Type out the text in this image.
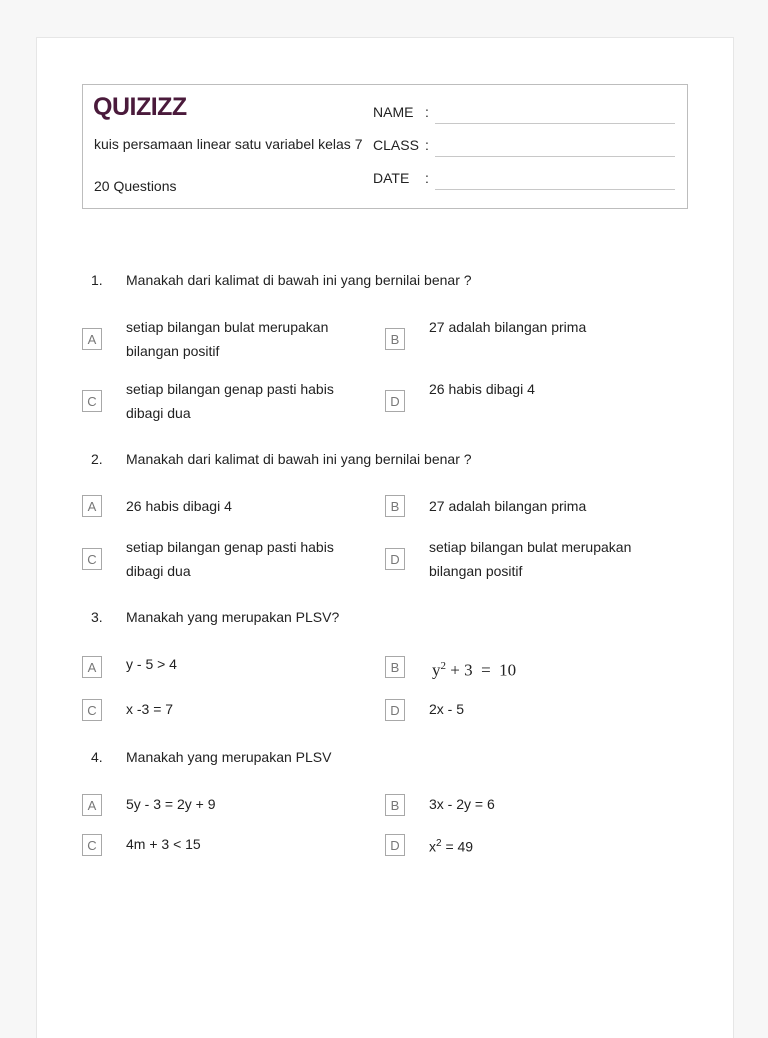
QUIZIZZ
kuis persamaan linear satu variabel kelas 7
20 Questions
NAME :
CLASS :
DATE :
1. Manakah dari kalimat di bawah ini yang bernilai benar ?
A
setiap bilangan bulat merupakan bilangan positif
B
27 adalah bilangan prima
C
setiap bilangan genap pasti habis dibagi dua
D
26 habis dibagi 4
2. Manakah dari kalimat di bawah ini yang bernilai benar ?
A	26 habis dibagi 4	B	27 adalah bilangan prima
C
setiap bilangan genap pasti habis dibagi dua
D
setiap bilangan bulat merupakan bilangan positif
3. Manakah yang merupakan PLSV?
A	y - 5 > 4	B	$y^2 + 3 = 10$
C	x -3 = 7	D	2x - 5
4. Manakah yang merupakan PLSV
A	5y - 3 = 2y + 9	B	3x - 2y = 6
C	4m + 3 < 15	D	$x^2 = 49$
